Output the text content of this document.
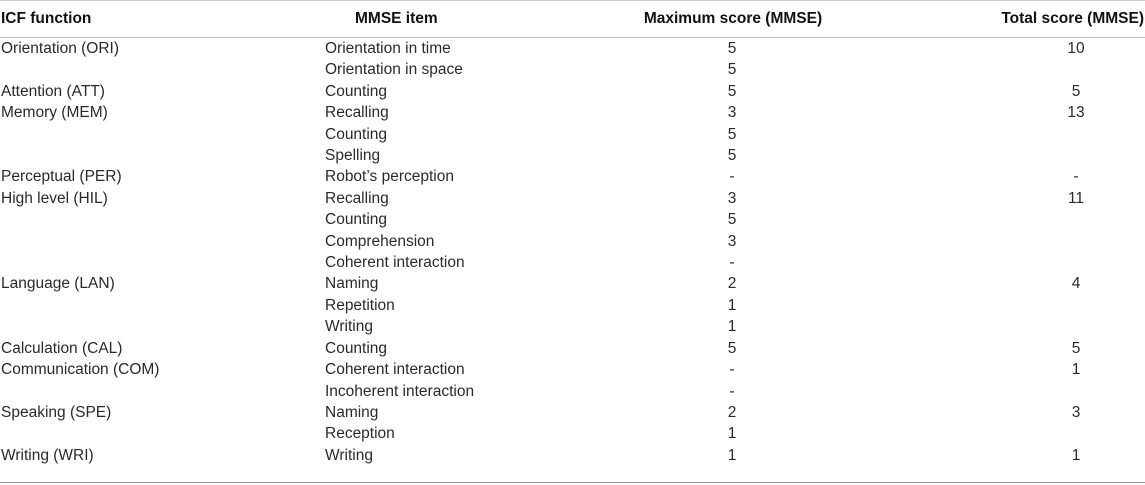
ICF function	MMSE item	Maximum score (MMSE)	Total score (MMSE)
Orientation (ORI)	Orientation in time	5	10
	Orientation in space	5	
Attention (ATT)	Counting	5	5
Memory (MEM)	Recalling	3	13
	Counting	5	
	Spelling	5	
Perceptual (PER)	Robot’s perception	-	-
High level (HIL)	Recalling	3	11
	Counting	5	
	Comprehension	3	
	Coherent interaction	-	
Language (LAN)	Naming	2	4
	Repetition	1	
	Writing	1	
Calculation (CAL)	Counting	5	5
Communication (COM)	Coherent interaction	-	1
	Incoherent interaction	-	
Speaking (SPE)	Naming	2	3
	Reception	1	
Writing (WRI)	Writing	1	1
